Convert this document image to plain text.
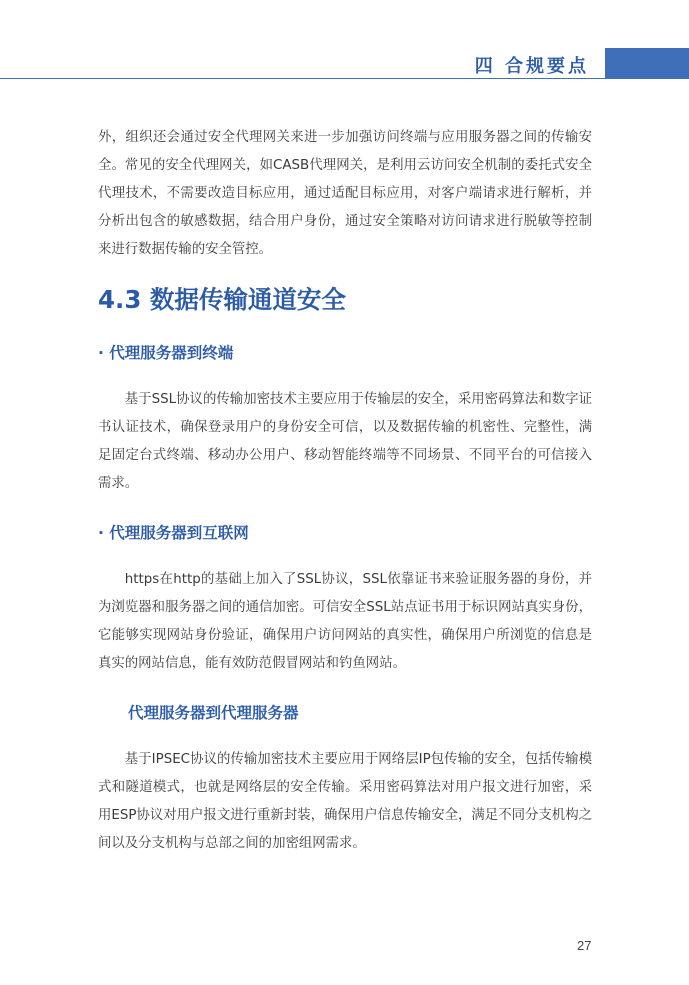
四 合规要点

外，组织还会通过安全代理网关来进一步加强访问终端与应用服务器之间的传输安全。常见的安全代理网关，如CASB代理网关，是利用云访问安全机制的委托式安全代理技术，不需要改造目标应用，通过适配目标应用，对客户端请求进行解析，并分析出包含的敏感数据，结合用户身份，通过安全策略对访问请求进行脱敏等控制来进行数据传输的安全管控。

4.3 数据传输通道安全
· 代理服务器到终端

基于SSL协议的传输加密技术主要应用于传输层的安全，采用密码算法和数字证书认证技术，确保登录用户的身份安全可信，以及数据传输的机密性、完整性，满足固定台式终端、移动办公用户、移动智能终端等不同场景、不同平台的可信接入需求。

· 代理服务器到互联网

https在http的基础上加入了SSL协议，SSL依靠证书来验证服务器的身份，并为浏览器和服务器之间的通信加密。可信安全SSL站点证书用于标识网站真实身份，它能够实现网站身份验证，确保用户访问网站的真实性，确保用户所浏览的信息是真实的网站信息，能有效防范假冒网站和钓鱼网站。

代理服务器到代理服务器

基于IPSEC协议的传输加密技术主要应用于网络层IP包传输的安全，包括传输模式和隧道模式，也就是网络层的安全传输。采用密码算法对用户报文进行加密，采用ESP协议对用户报文进行重新封装，确保用户信息传输安全，满足不同分支机构之间以及分支机构与总部之间的加密组网需求。

27
